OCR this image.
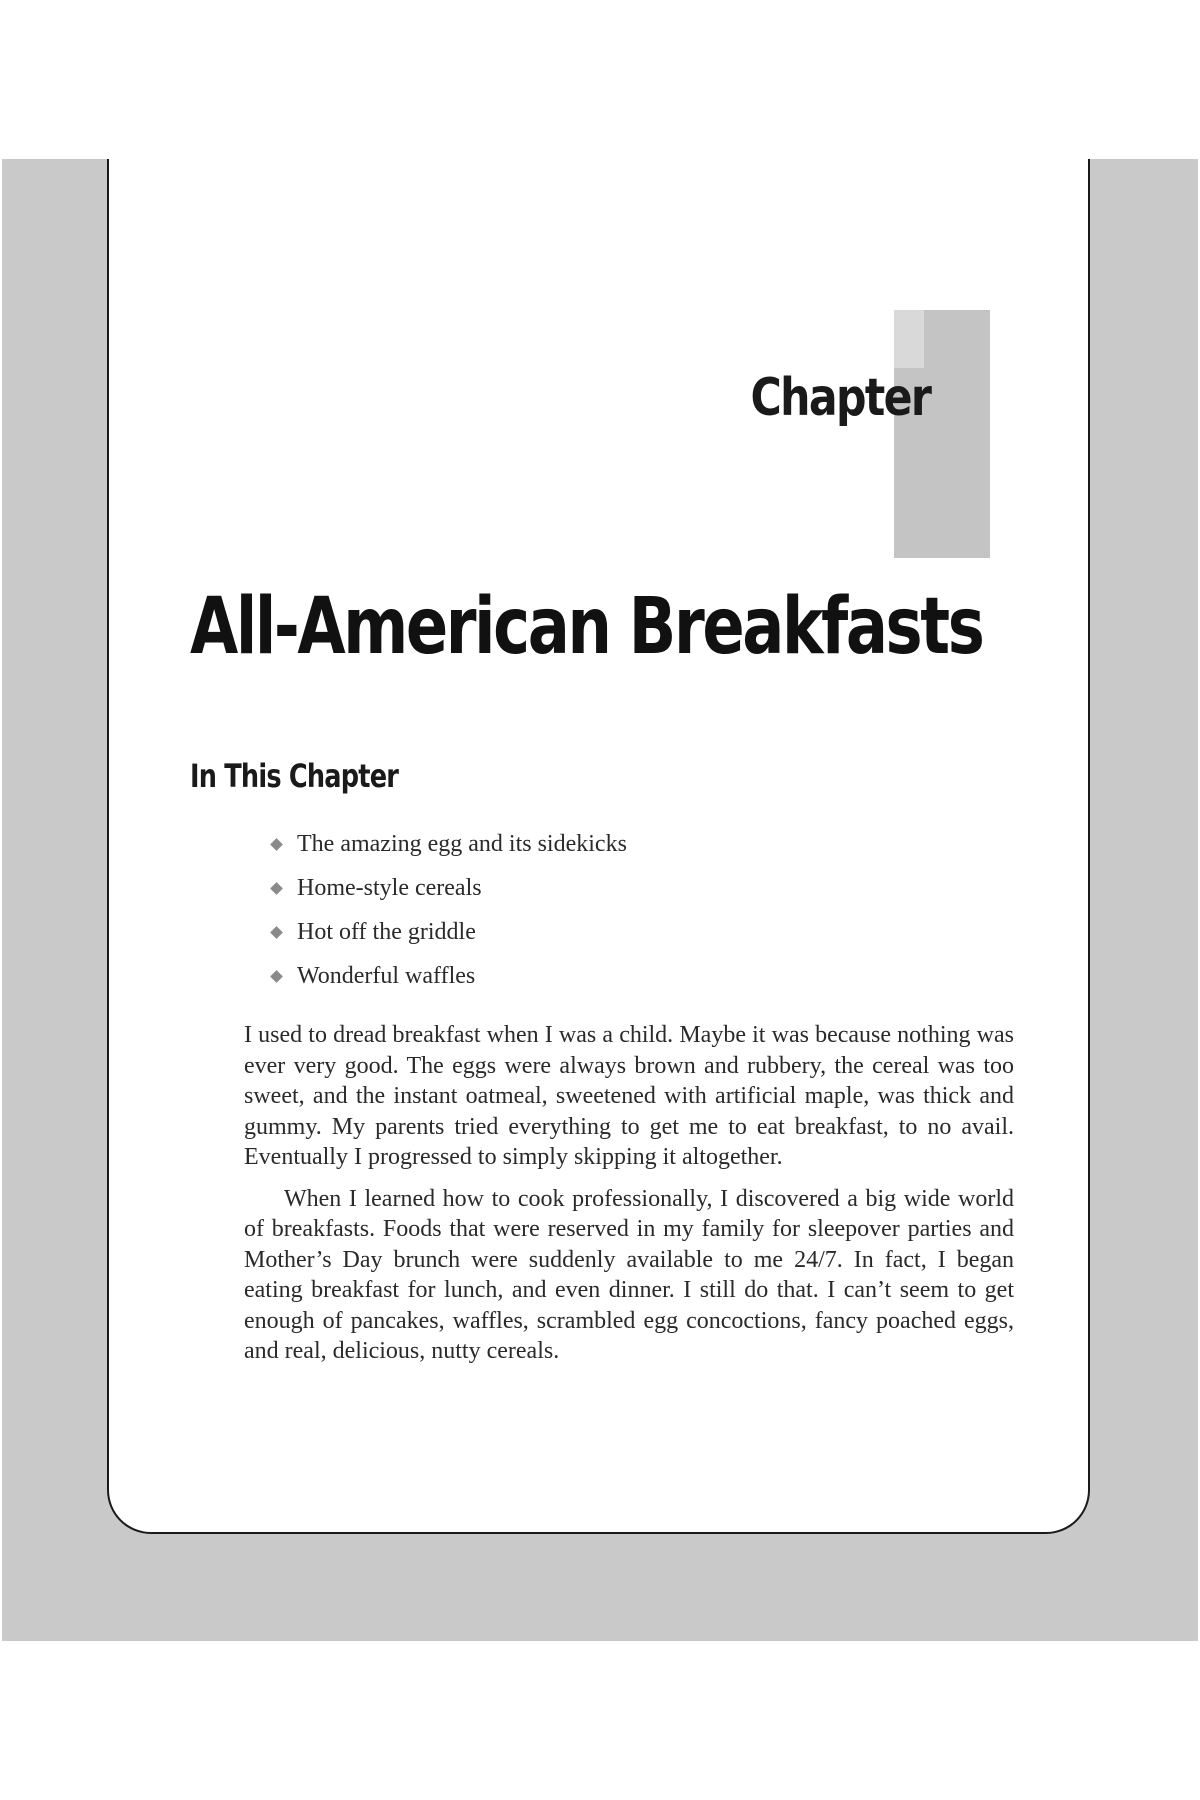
Chapter
All-American Breakfasts
In This Chapter
The amazing egg and its sidekicks
Home-style cereals
Hot off the griddle
Wonderful waffles

I used to dread breakfast when I was a child. Maybe it was because nothing was ever very good. The eggs were always brown and rubbery, the cereal was too sweet, and the instant oatmeal, sweetened with artificial maple, was thick and gummy. My parents tried everything to get me to eat breakfast, to no avail. Eventually I progressed to simply skipping it altogether.

When I learned how to cook professionally, I discovered a big wide world of breakfasts. Foods that were reserved in my family for sleepover parties and Mother’s Day brunch were suddenly available to me 24/7. In fact, I began eating breakfast for lunch, and even dinner. I still do that. I can’t seem to get enough of pancakes, waffles, scrambled egg concoctions, fancy poached eggs, and real, delicious, nutty cereals.
